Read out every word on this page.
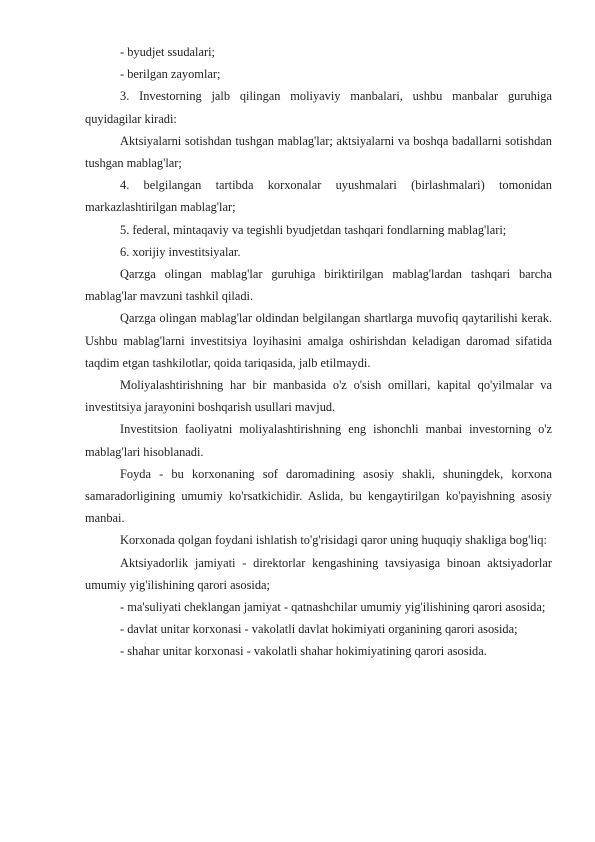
- byudjet ssudalari;

- berilgan zayomlar;

3. Investorning jalb qilingan moliyaviy manbalari, ushbu manbalar guruhiga quyidagilar kiradi:

Aktsiyalarni sotishdan tushgan mablag'lar; aktsiyalarni va boshqa badallarni sotishdan tushgan mablag'lar;

4. belgilangan tartibda korxonalar uyushmalari (birlashmalari) tomonidan markazlashtirilgan mablag'lar;

5. federal, mintaqaviy va tegishli byudjetdan tashqari fondlarning mablag'lari;

6. xorijiy investitsiyalar.

Qarzga olingan mablag'lar guruhiga biriktirilgan mablag'lardan tashqari barcha mablag'lar mavzuni tashkil qiladi.

Qarzga olingan mablag'lar oldindan belgilangan shartlarga muvofiq qaytarilishi kerak. Ushbu mablag'larni investitsiya loyihasini amalga oshirishdan keladigan daromad sifatida taqdim etgan tashkilotlar, qoida tariqasida, jalb etilmaydi.

Moliyalashtirishning har bir manbasida o'z o'sish omillari, kapital qo'yilmalar va investitsiya jarayonini boshqarish usullari mavjud.

Investitsion faoliyatni moliyalashtirishning eng ishonchli manbai investorning o'z mablag'lari hisoblanadi.

Foyda - bu korxonaning sof daromadining asosiy shakli, shuningdek, korxona samaradorligining umumiy ko'rsatkichidir. Aslida, bu kengaytirilgan ko'payishning asosiy manbai.

Korxonada qolgan foydani ishlatish to'g'risidagi qaror uning huquqiy shakliga bog'liq:

Aktsiyadorlik jamiyati - direktorlar kengashining tavsiyasiga binoan aktsiyadorlar umumiy yig'ilishining qarori asosida;

- ma'suliyati cheklangan jamiyat - qatnashchilar umumiy yig'ilishining qarori asosida;

- davlat unitar korxonasi - vakolatli davlat hokimiyati organining qarori asosida;

- shahar unitar korxonasi - vakolatli shahar hokimiyatining qarori asosida.
